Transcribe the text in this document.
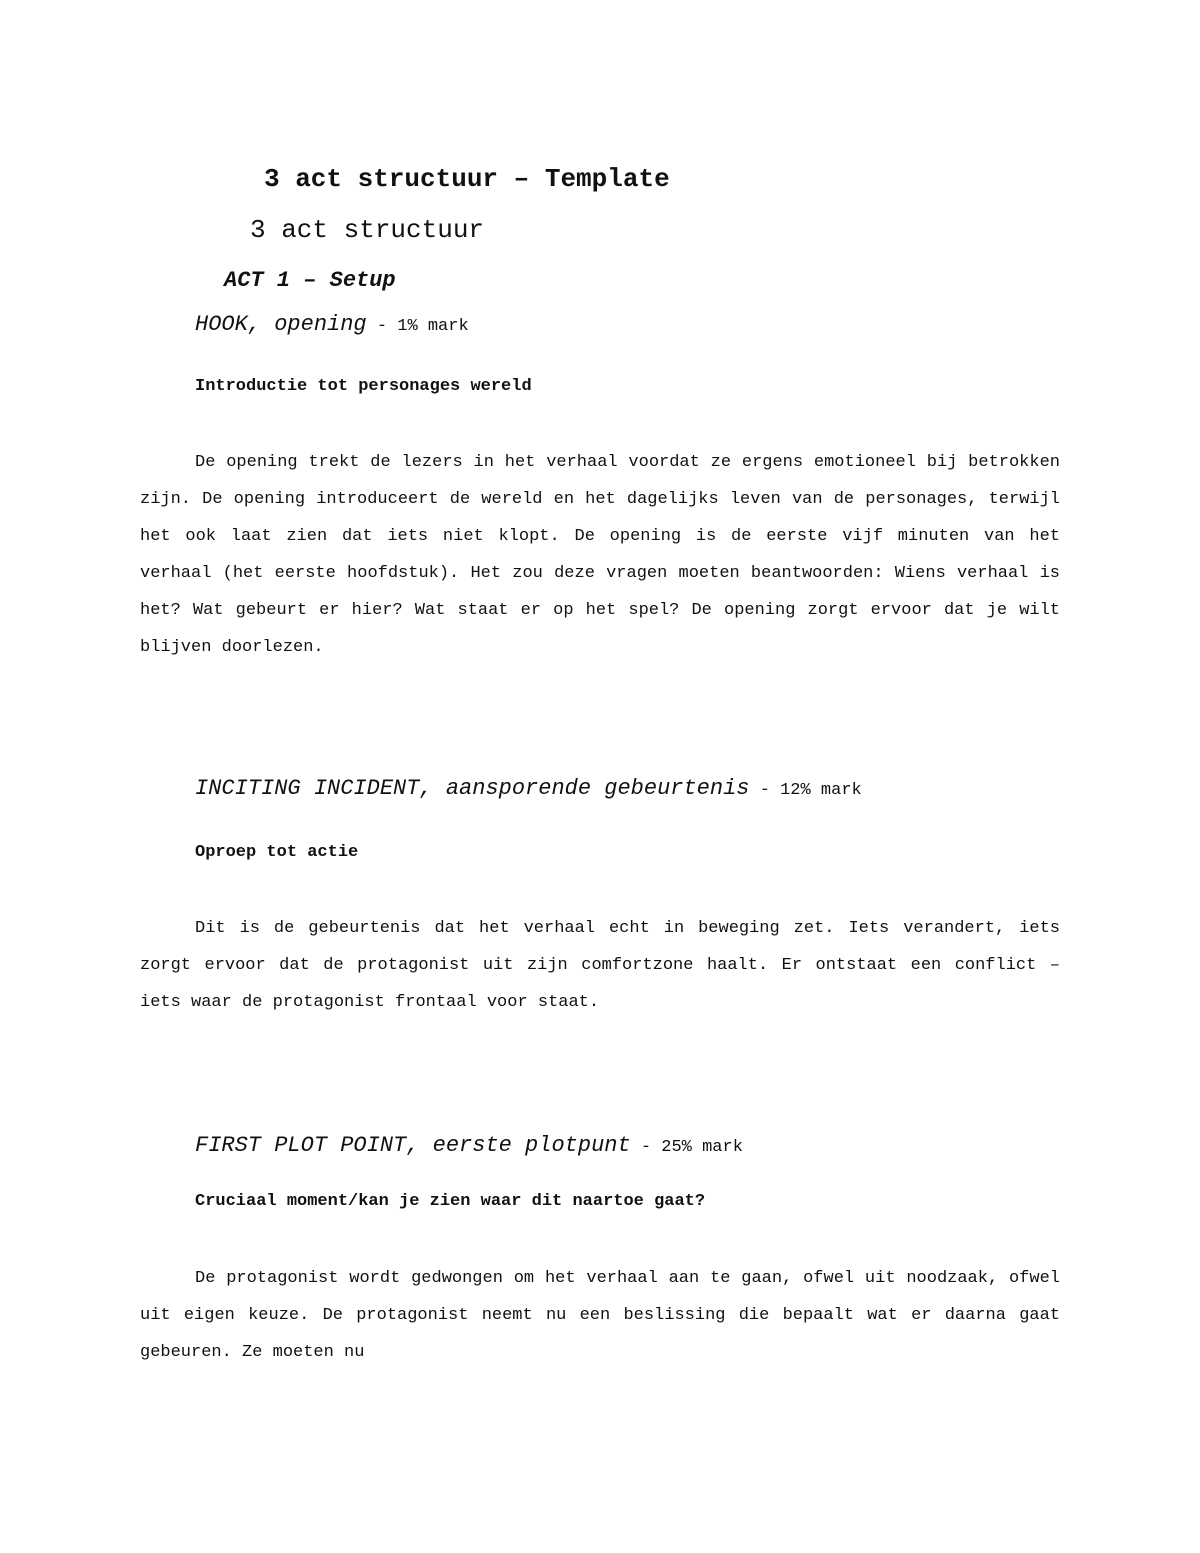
3 act structuur – Template
3 act structuur
ACT 1 – Setup

HOOK, opening - 1% mark

Introductie tot personages wereld

De opening trekt de lezers in het verhaal voordat ze ergens emotioneel bij betrokken zijn. De opening introduceert de wereld en het dagelijks leven van de personages, terwijl het ook laat zien dat iets niet klopt. De opening is de eerste vijf minuten van het verhaal (het eerste hoofdstuk). Het zou deze vragen moeten beantwoorden: Wiens verhaal is het? Wat gebeurt er hier? Wat staat er op het spel? De opening zorgt ervoor dat je wilt blijven doorlezen.

INCITING INCIDENT, aansporende gebeurtenis - 12% mark

Oproep tot actie

Dit is de gebeurtenis dat het verhaal echt in beweging zet. Iets verandert, iets zorgt ervoor dat de protagonist uit zijn comfortzone haalt. Er ontstaat een conflict – iets waar de protagonist frontaal voor staat.

FIRST PLOT POINT, eerste plotpunt - 25% mark

Cruciaal moment/kan je zien waar dit naartoe gaat?

De protagonist wordt gedwongen om het verhaal aan te gaan, ofwel uit noodzaak, ofwel uit eigen keuze. De protagonist neemt nu een beslissing die bepaalt wat er daarna gaat gebeuren. Ze moeten nu
